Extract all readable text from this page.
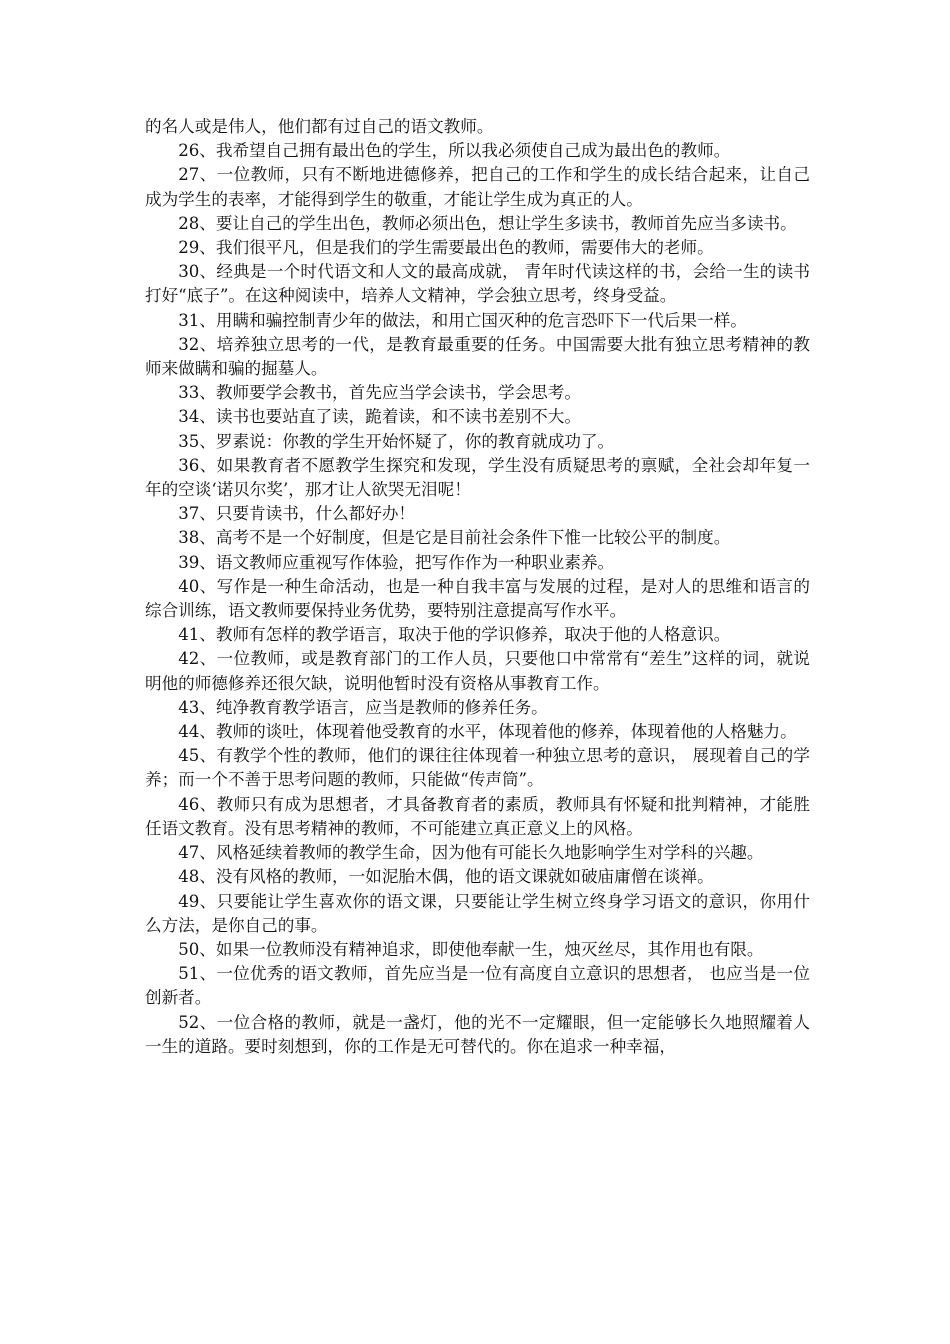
的名人或是伟人，他们都有过自己的语文教师。

26、我希望自己拥有最出色的学生，所以我必须使自己成为最出色的教师。

27、一位教师，只有不断地进德修养，把自己的工作和学生的成长结合起来，让自己成为学生的表率，才能得到学生的敬重，才能让学生成为真正的人。

28、要让自己的学生出色，教师必须出色，想让学生多读书，教师首先应当多读书。

29、我们很平凡，但是我们的学生需要最出色的教师，需要伟大的老师。

30、经典是一个时代语文和人文的最高成就， 青年时代读这样的书，会给一生的读书打好“底子”。在这种阅读中，培养人文精神，学会独立思考，终身受益。

31、用瞒和骗控制青少年的做法，和用亡国灭种的危言恐吓下一代后果一样。

32、培养独立思考的一代，是教育最重要的任务。中国需要大批有独立思考精神的教师来做瞒和骗的掘墓人。

33、教师要学会教书，首先应当学会读书，学会思考。

34、读书也要站直了读，跪着读，和不读书差别不大。

35、罗素说：你教的学生开始怀疑了，你的教育就成功了。

36、如果教育者不愿教学生探究和发现，学生没有质疑思考的禀赋，全社会却年复一年的空谈‘诺贝尔奖’，那才让人欲哭无泪呢！

37、只要肯读书，什么都好办！

38、高考不是一个好制度，但是它是目前社会条件下惟一比较公平的制度。

39、语文教师应重视写作体验，把写作作为一种职业素养。

40、写作是一种生命活动，也是一种自我丰富与发展的过程，是对人的思维和语言的综合训练，语文教师要保持业务优势，要特别注意提高写作水平。

41、教师有怎样的教学语言，取决于他的学识修养，取决于他的人格意识。

42、一位教师，或是教育部门的工作人员，只要他口中常常有“差生”这样的词，就说明他的师德修养还很欠缺，说明他暂时没有资格从事教育工作。

43、纯净教育教学语言，应当是教师的修养任务。

44、教师的谈吐，体现着他受教育的水平，体现着他的修养，体现着他的人格魅力。

45、有教学个性的教师，他们的课往往体现着一种独立思考的意识， 展现着自己的学养；而一个不善于思考问题的教师，只能做“传声筒”。

46、教师只有成为思想者，才具备教育者的素质，教师具有怀疑和批判精神，才能胜任语文教育。没有思考精神的教师，不可能建立真正意义上的风格。

47、风格延续着教师的教学生命，因为他有可能长久地影响学生对学科的兴趣。

48、没有风格的教师，一如泥胎木偶，他的语文课就如破庙庸僧在谈禅。

49、只要能让学生喜欢你的语文课，只要能让学生树立终身学习语文的意识，你用什么方法，是你自己的事。

50、如果一位教师没有精神追求，即使他奉献一生，烛灭丝尽，其作用也有限。

51、一位优秀的语文教师，首先应当是一位有高度自立意识的思想者， 也应当是一位创新者。

52、一位合格的教师，就是一盏灯，他的光不一定耀眼，但一定能够长久地照耀着人一生的道路。要时刻想到，你的工作是无可替代的。你在追求一种幸福，
